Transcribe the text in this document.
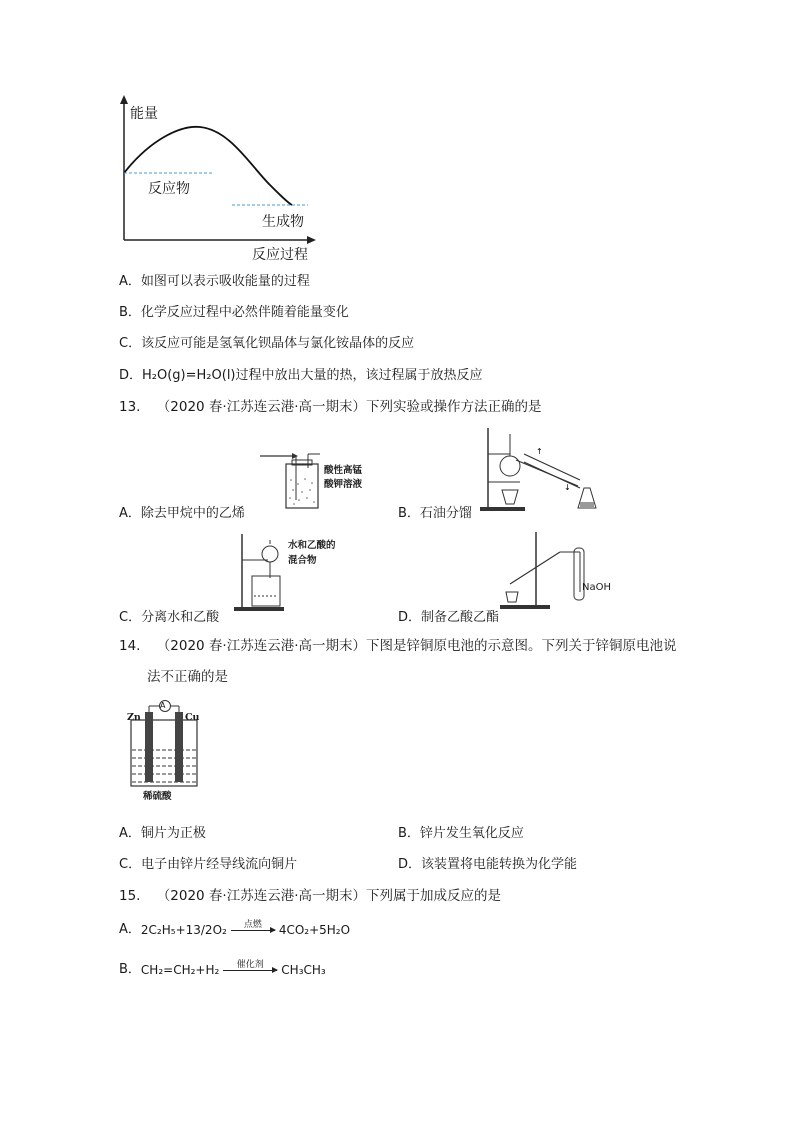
能量
反应物
生成物
反应过程
A．如图可以表示吸收能量的过程
B．化学反应过程中必然伴随着能量变化
C．该反应可能是氢氧化钡晶体与氯化铵晶体的反应
D．H₂O(g)=H₂O(l)过程中放出大量的热，该过程属于放热反应
13. （2020 春·江苏连云港·高一期末）下列实验或操作方法正确的是
酸性高锰酸钾溶液
↑
↓
A．除去甲烷中的乙烯	B．石油分馏
水和乙酸的混合物
NaOH
C．分离水和乙酸	D．制备乙酸乙酯
14. （2020 春·江苏连云港·高一期末）下图是锌铜原电池的示意图。下列关于锌铜原电池说
法不正确的是
A
Zn	Cu
稀硫酸
A．铜片为正极	B．锌片发生氧化反应
C．电子由锌片经导线流向铜片	D．该装置将电能转换为化学能
15. （2020 春·江苏连云港·高一期末）下列属于加成反应的是
A． 2C₂H₅+13/2O₂ 点燃 4CO₂+5H₂O
B． CH₂=CH₂+H₂ 催化剂 CH₃CH₃
